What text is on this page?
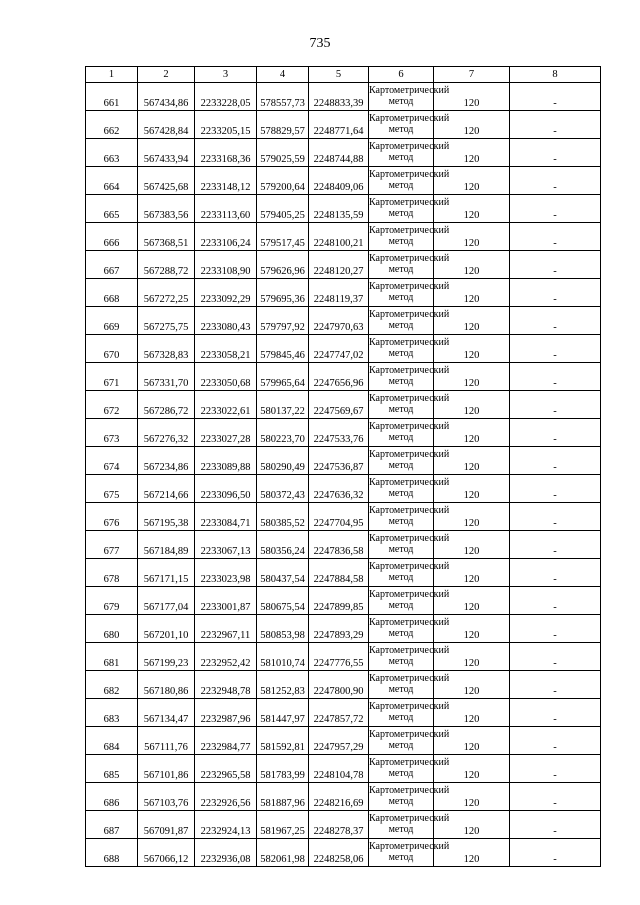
735
1	2	3	4	5	6	7	8
661	567434,86	2233228,05	578557,73	2248833,39	Картометрический метод	120	-
662	567428,84	2233205,15	578829,57	2248771,64	Картометрический метод	120	-
663	567433,94	2233168,36	579025,59	2248744,88	Картометрический метод	120	-
664	567425,68	2233148,12	579200,64	2248409,06	Картометрический метод	120	-
665	567383,56	2233113,60	579405,25	2248135,59	Картометрический метод	120	-
666	567368,51	2233106,24	579517,45	2248100,21	Картометрический метод	120	-
667	567288,72	2233108,90	579626,96	2248120,27	Картометрический метод	120	-
668	567272,25	2233092,29	579695,36	2248119,37	Картометрический метод	120	-
669	567275,75	2233080,43	579797,92	2247970,63	Картометрический метод	120	-
670	567328,83	2233058,21	579845,46	2247747,02	Картометрический метод	120	-
671	567331,70	2233050,68	579965,64	2247656,96	Картометрический метод	120	-
672	567286,72	2233022,61	580137,22	2247569,67	Картометрический метод	120	-
673	567276,32	2233027,28	580223,70	2247533,76	Картометрический метод	120	-
674	567234,86	2233089,88	580290,49	2247536,87	Картометрический метод	120	-
675	567214,66	2233096,50	580372,43	2247636,32	Картометрический метод	120	-
676	567195,38	2233084,71	580385,52	2247704,95	Картометрический метод	120	-
677	567184,89	2233067,13	580356,24	2247836,58	Картометрический метод	120	-
678	567171,15	2233023,98	580437,54	2247884,58	Картометрический метод	120	-
679	567177,04	2233001,87	580675,54	2247899,85	Картометрический метод	120	-
680	567201,10	2232967,11	580853,98	2247893,29	Картометрический метод	120	-
681	567199,23	2232952,42	581010,74	2247776,55	Картометрический метод	120	-
682	567180,86	2232948,78	581252,83	2247800,90	Картометрический метод	120	-
683	567134,47	2232987,96	581447,97	2247857,72	Картометрический метод	120	-
684	567111,76	2232984,77	581592,81	2247957,29	Картометрический метод	120	-
685	567101,86	2232965,58	581783,99	2248104,78	Картометрический метод	120	-
686	567103,76	2232926,56	581887,96	2248216,69	Картометрический метод	120	-
687	567091,87	2232924,13	581967,25	2248278,37	Картометрический метод	120	-
688	567066,12	2232936,08	582061,98	2248258,06	Картометрический метод	120	-
